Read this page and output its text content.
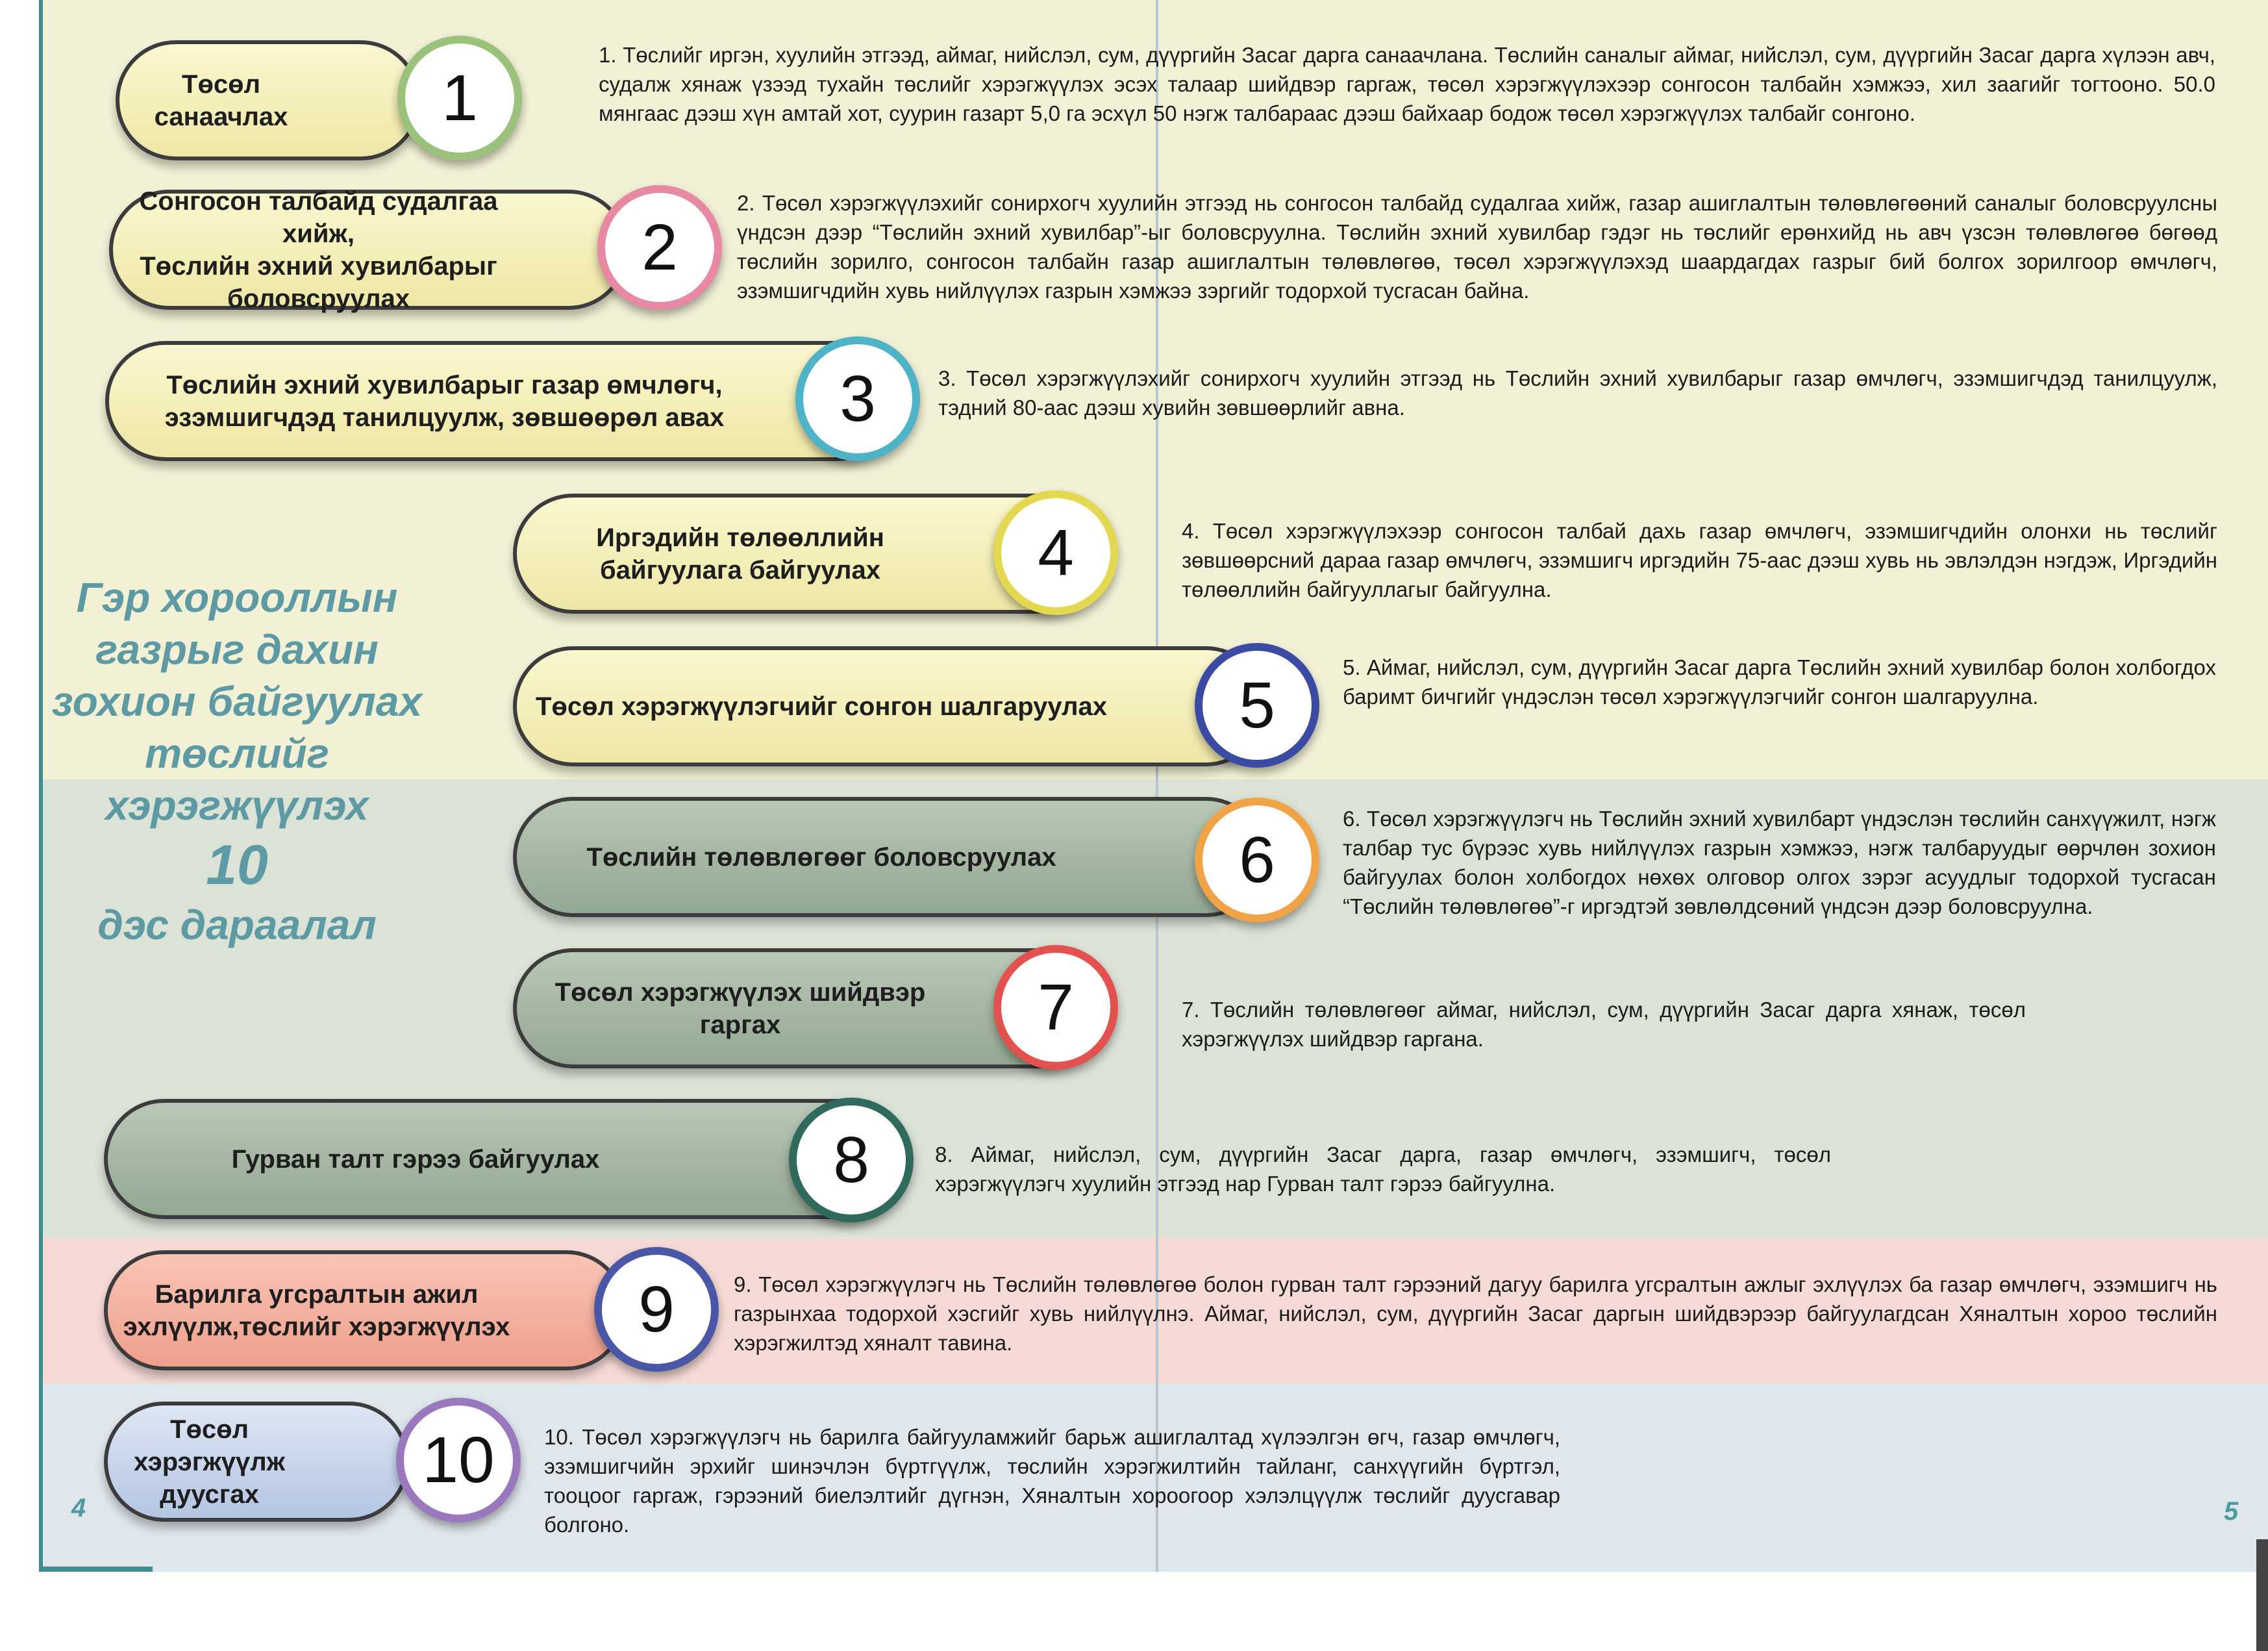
Гэр хорооллын
газрыг дахин
зохион байгуулах
төслийг
хэрэгжүүлэх
10
дэс дараалал
Төсөл санаачлах	1
1. Төслийг иргэн, хуулийн этгээд, аймаг, нийслэл, сум, дүүргийн Засаг дарга санаачлана. Төслийн саналыг аймаг, нийслэл, сум, дүүргийн Засаг дарга хүлээн авч, судалж хянаж үзээд тухайн төслийг хэрэгжүүлэх эсэх талаар шийдвэр гаргаж, төсөл хэрэгжүүлэхээр сонгосон талбайн хэмжээ, хил заагийг тогтооно. 50.0 мянгаас дээш хүн амтай хот, суурин газарт 5,0 га эсхүл 50 нэгж талбараас дээш байхаар бодож төсөл хэрэгжүүлэх талбайг сонгоно.
Сонгосон талбайд судалгаа хийж,
Төслийн эхний хувилбарыг
боловсруулах
2
2. Төсөл хэрэгжүүлэхийг сонирхогч хуулийн этгээд нь сонгосон талбайд судалгаа хийж, газар ашиглалтын төлөвлөгөөний саналыг боловсруулсны үндсэн дээр “Төслийн эхний хувилбар”-ыг боловсруулна. Төслийн эхний хувилбар гэдэг нь төслийг ерөнхийд нь авч үзсэн төлөвлөгөө бөгөөд төслийн зорилго, сонгосон талбайн газар ашиглалтын төлөвлөгөө, төсөл хэрэгжүүлэхэд шаардагдах газрыг бий болгох зорилгоор өмчлөгч, эзэмшигчдийн хувь нийлүүлэх газрын хэмжээ зэргийг тодорхой тусгасан байна.
Төслийн эхний хувилбарыг газар өмчлөгч,
эзэмшигчдэд танилцуулж, зөвшөөрөл авах 3	3. Төсөл хэрэгжүүлэхийг сонирхогч хуулийн этгээд нь Төслийн эхний хувилбарыг газар өмчлөгч, эзэмшигчдэд танилцуулж, тэдний 80-аас дээш хувийн зөвшөөрлийг авна.
Иргэдийн төлөөллийн
байгуулага байгуулах 4	4. Төсөл хэрэгжүүлэхээр сонгосон талбай дахь газар өмчлөгч, эзэмшигчдийн олонхи нь төслийг зөвшөөрсний дараа газар өмчлөгч, эзэмшигч иргэдийн 75-аас дээш хувь нь эвлэлдэн нэгдэж, Иргэдийн төлөөллийн байгууллагыг байгуулна.
Төсөл хэрэгжүүлэгчийг сонгон шалгаруулах 5
5. Аймаг, нийслэл, сум, дүүргийн Засаг дарга Төслийн эхний хувилбар болон холбогдох баримт бичгийг үндэслэн төсөл хэрэгжүүлэгчийг сонгон шалгаруулна.
Төслийн төлөвлөгөөг боловсруулах	6
6. Төсөл хэрэгжүүлэгч нь Төслийн эхний хувилбарт үндэслэн төслийн санхүүжилт, нэгж талбар тус бүрээс хувь нийлүүлэх газрын хэмжээ, нэгж талбаруудыг өөрчлөн зохион байгуулах болон холбогдох нөхөх олговор олгох зэрэг асуудлыг тодорхой тусгасан “Төслийн төлөвлөгөө”-г иргэдтэй зөвлөлдсөний үндсэн дээр боловсруулна.
Төсөл хэрэгжүүлэх шийдвэр
гаргах	7	7. Төслийн төлөвлөгөөг аймаг, нийслэл, сум, дүүргийн Засаг дарга хянаж, төсөл хэрэгжүүлэх шийдвэр гаргана.
Гурван талт гэрээ байгуулах	8	8. Аймаг, нийслэл, сум, дүүргийн Засаг дарга, газар өмчлөгч, эзэмшигч, төсөл хэрэгжүүлэгч хуулийн этгээд нар Гурван талт гэрээ байгуулна.
Барилга угсралтын ажил
эхлүүлж,төслийг хэрэгжүүлэх 9	9. Төсөл хэрэгжүүлэгч нь Төслийн төлөвлөгөө болон гурван талт гэрээний дагуу барилга угсралтын ажлыг эхлүүлэх ба газар өмчлөгч, эзэмшигч нь газрынхаа тодорхой хэсгийг хувь нийлүүлнэ. Аймаг, нийслэл, сум, дүүргийн Засаг даргын шийдвэрээр байгуулагдсан Хяналтын хороо төслийн хэрэгжилтэд хяналт тавина.
Төсөл хэрэгжүүлж
дуусгах	10 10. Төсөл хэрэгжүүлэгч нь барилга байгууламжийг барьж ашиглалтад хүлээлгэн өгч, газар өмчлөгч, эзэмшигчийн эрхийг шинэчлэн бүртгүүлж, төслийн хэрэгжилтийн тайланг, санхүүгийн бүртгэл, тооцоог гаргаж, гэрээний биелэлтийг дүгнэн, Хяналтын хороогоор хэлэлцүүлж төслийг дуусгавар болгоно.
4	5
